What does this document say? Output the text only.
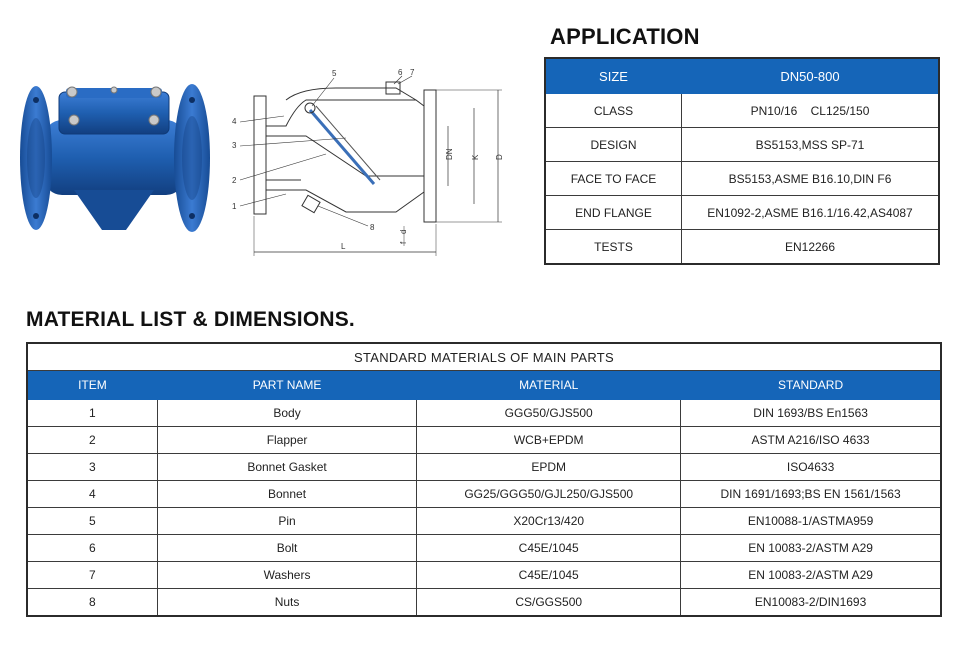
4
3
2
1
5	6 7
8
DN K D
L	f
d
APPLICATION
SIZE	DN50-800
CLASS	PN10/16    CL125/150
DESIGN	BS5153,MSS SP-71
FACE TO FACE	BS5153,ASME B16.10,DIN F6
END FLANGE	EN1092-2,ASME B16.1/16.42,AS4087
TESTS	EN12266
MATERIAL LIST & DIMENSIONS.
STANDARD MATERIALS OF MAIN PARTS			
ITEM	PART NAME	MATERIAL	STANDARD
1	Body	GGG50/GJS500	DIN 1693/BS En1563
2	Flapper	WCB+EPDM	ASTM A216/ISO 4633
3	Bonnet Gasket	EPDM	ISO4633
4	Bonnet	GG25/GGG50/GJL250/GJS500	DIN 1691/1693;BS EN 1561/1563
5	Pin	X20Cr13/420	EN10088-1/ASTMA959
6	Bolt	C45E/1045	EN 10083-2/ASTM A29
7	Washers	C45E/1045	EN 10083-2/ASTM A29
8	Nuts	CS/GGS500	EN10083-2/DIN1693
